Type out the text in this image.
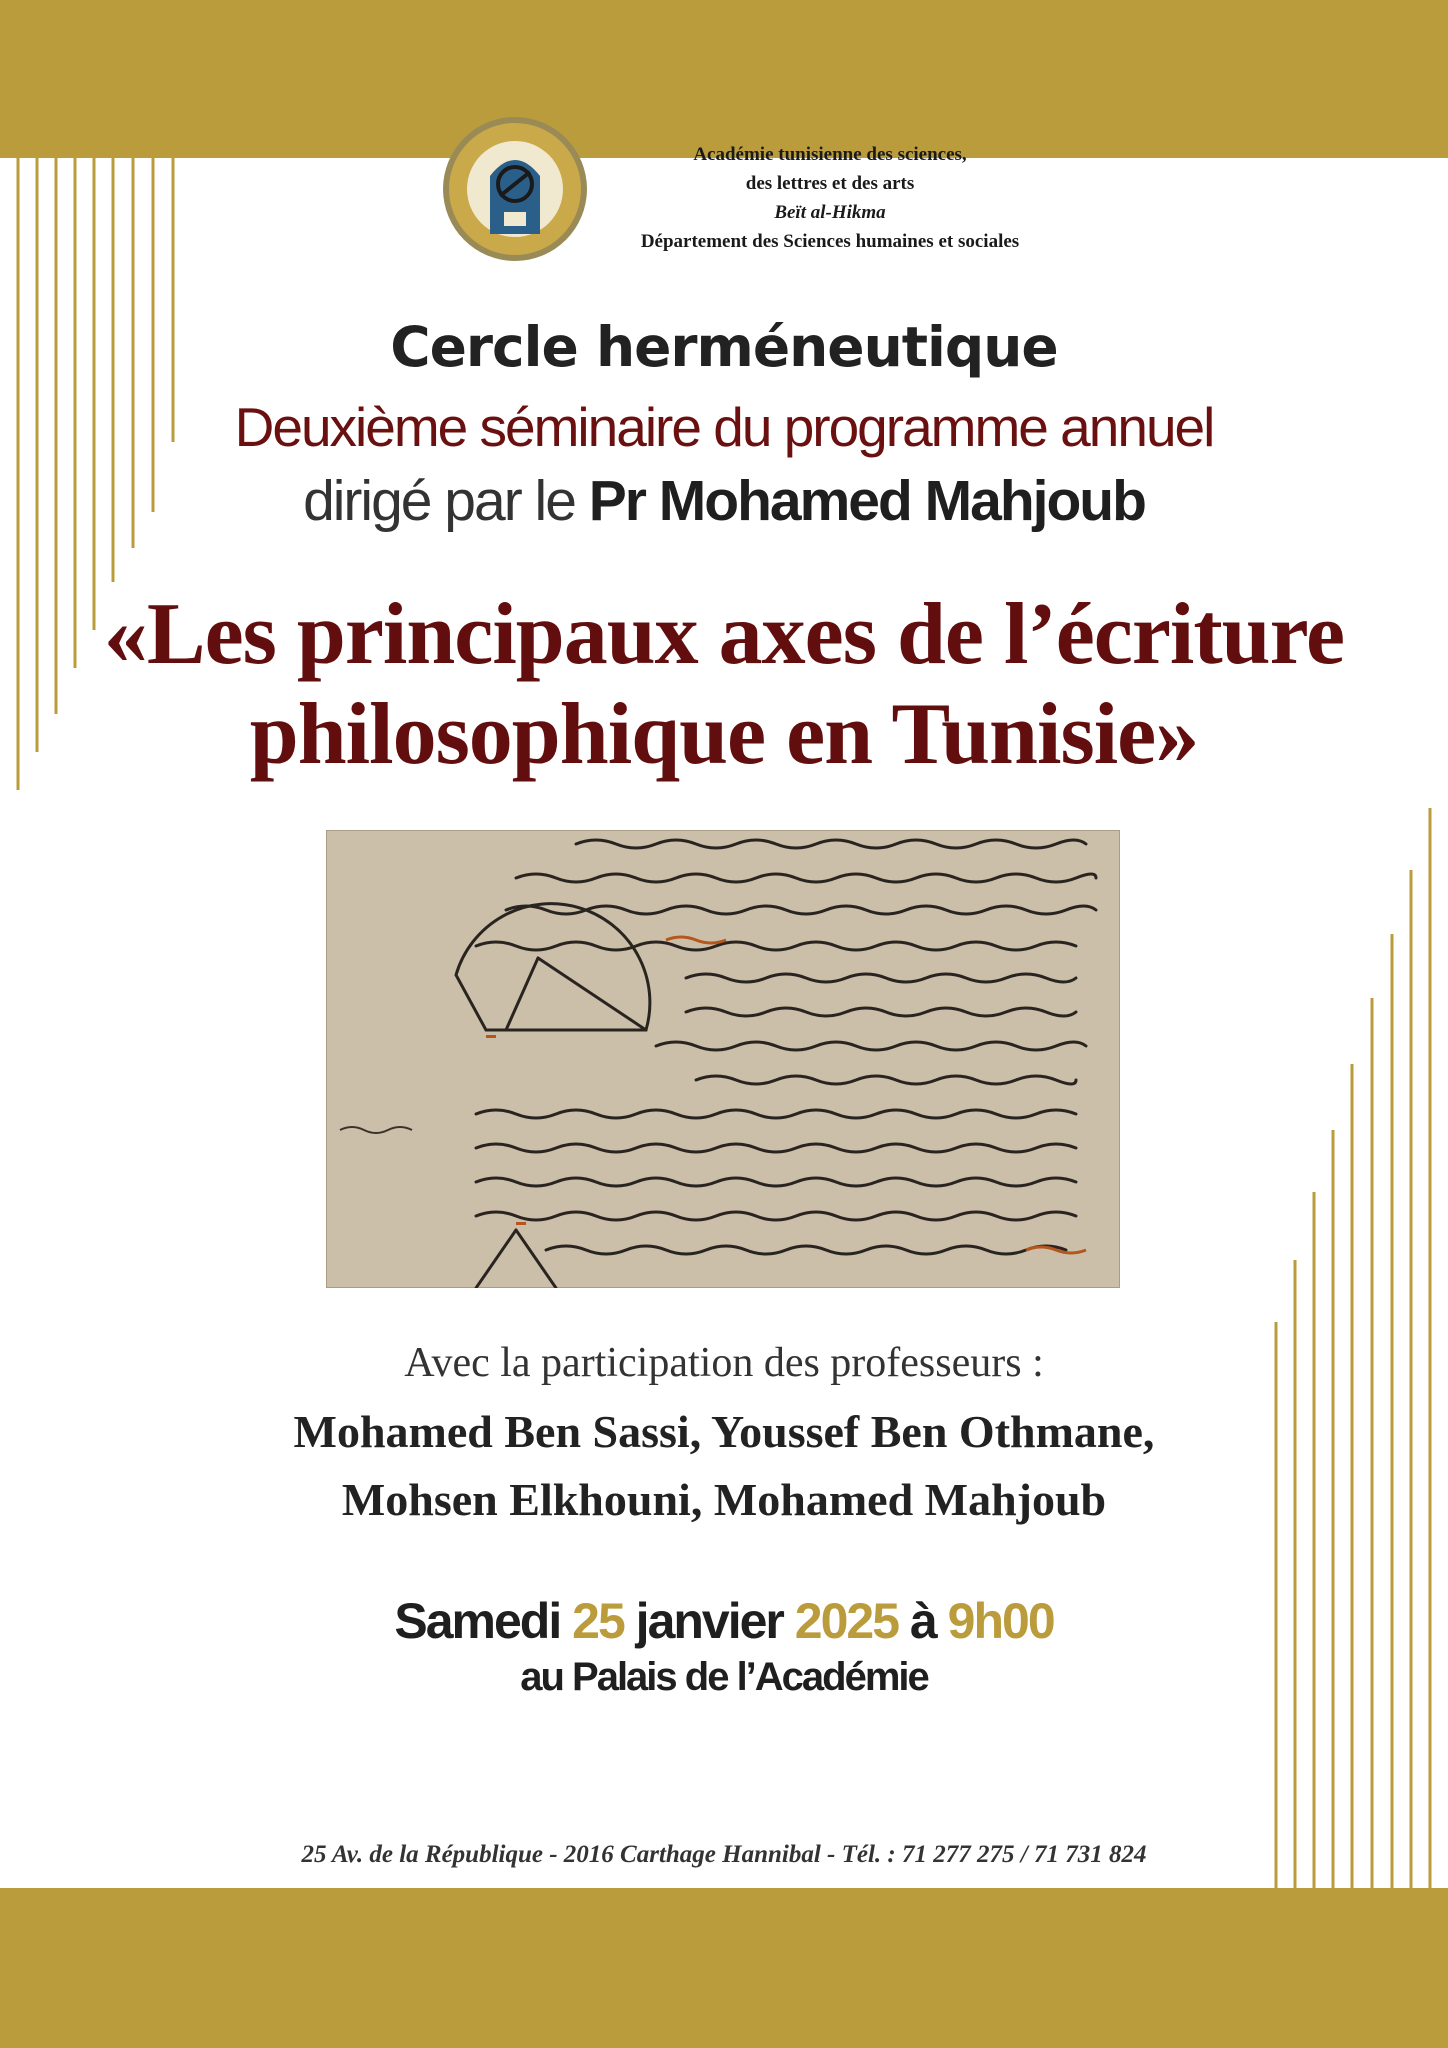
Académie tunisienne des sciences,
des lettres et des arts
Beït al-Hikma
Département des Sciences humaines et sociales
Cercle herméneutique
Deuxième séminaire du programme annuel
dirigé par le Pr Mohamed Mahjoub
«Les principaux axes de l’écriture
philosophique en Tunisie»
Avec la participation des professeurs :
Mohamed Ben Sassi, Youssef Ben Othmane,
Mohsen Elkhouni, Mohamed Mahjoub
Samedi 25 janvier 2025 à 9h00
au Palais de l’Académie
25 Av. de la République - 2016 Carthage Hannibal - Tél. : 71 277 275 / 71 731 824
